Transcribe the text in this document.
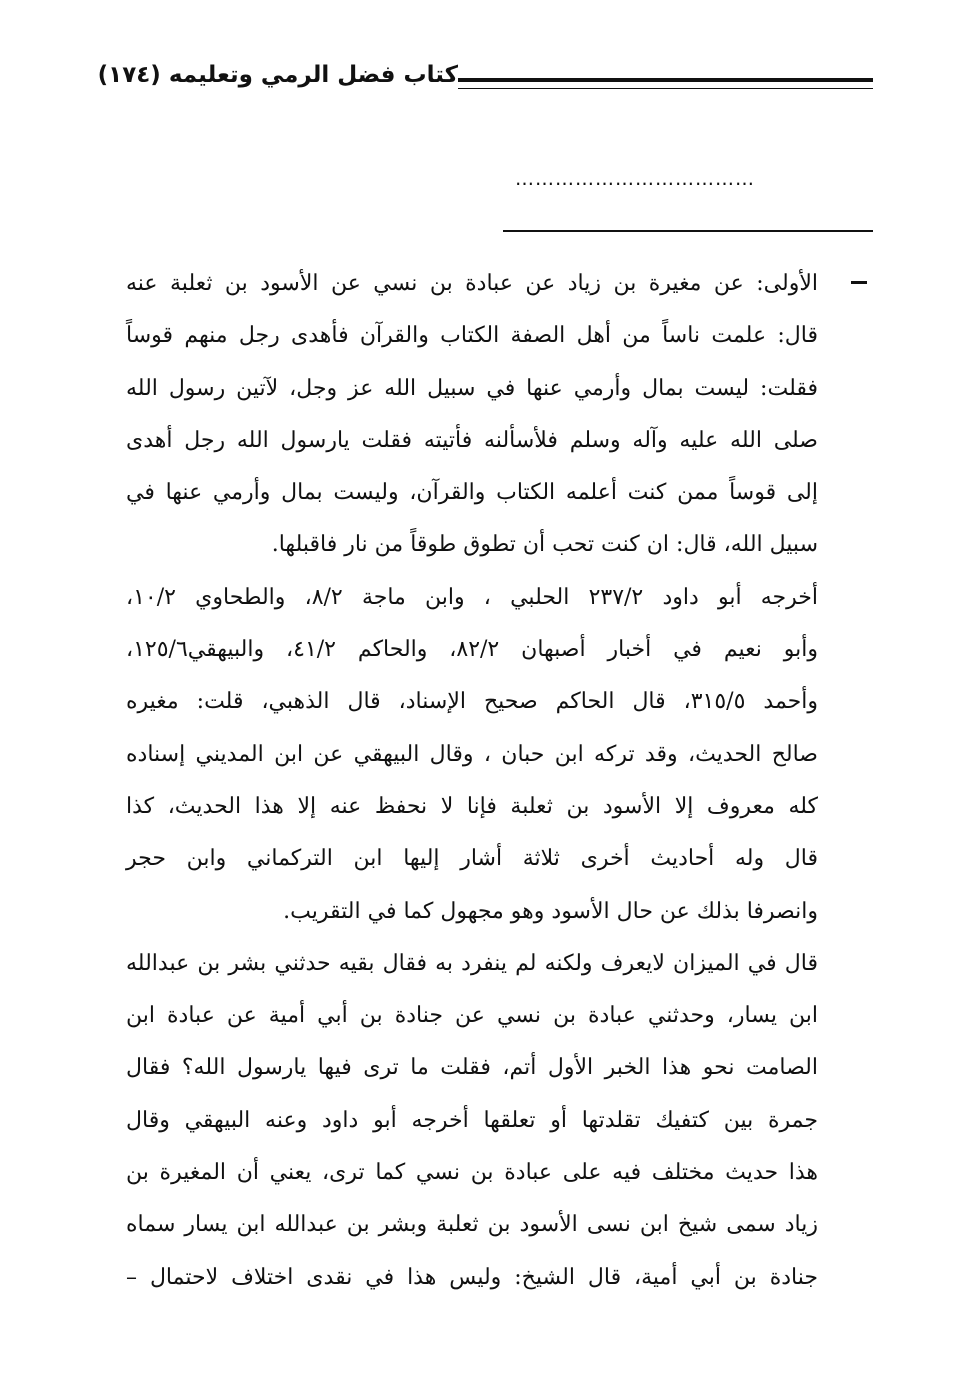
كتاب فضل الرمي وتعليمه (١٧٤)
………………………………
الأولى: عن مغيرة بن زياد عن عبادة بن نسي عن الأسود بن ثعلبة عنه
قال: علمت ناساً من أهل الصفة الكتاب والقرآن فأهدى رجل منهم قوساً
فقلت: ليست بمال وأرمي عنها في سبيل الله عز وجل، لآتين رسول الله
صلى الله عليه وآله وسلم فلأسألنه فأتيته فقلت يارسول الله رجل أهدى
إلى قوساً ممن كنت أعلمه الكتاب والقرآن، وليست بمال وأرمي عنها في
سبيل الله، قال: ان كنت تحب أن تطوق طوقاً من نار فاقبلها.
أخرجه أبو داود ٢٣٧/٢ الحلبي ، وابن ماجة ٨/٢، والطحاوي ١٠/٢،
وأبو نعيم في أخبار أصبهان ٨٢/٢، والحاكم ٤١/٢، والبيهقي١٢٥/٦،
وأحمد ٣١٥/٥، قال الحاكم صحيح الإسناد، قال الذهبي، قلت: مغيره
صالح الحديث، وقد تركه ابن حبان ، وقال البيهقي عن ابن المديني إسناده
كله معروف إلا الأسود بن ثعلبة فإنا لا نحفظ عنه إلا هذا الحديث، كذا
قال وله أحاديث أخرى ثلاثة أشار إليها ابن التركماني وابن حجر
وانصرفا بذلك عن حال الأسود وهو مجهول كما في التقريب.
قال في الميزان لايعرف ولكنه لم ينفرد به فقال بقيه حدثني بشر بن عبدالله
ابن يسار، وحدثني عبادة بن نسي عن جنادة بن أبي أمية عن عبادة ابن
الصامت نحو هذا الخبر الأول أتم، فقلت ما ترى فيها يارسول الله؟ فقال
جمرة بين كتفيك تقلدتها أو تعلقها أخرجه أبو داود وعنه البيهقي وقال
هذا حديث مختلف فيه على عبادة بن نسي كما ترى، يعني أن المغيرة بن
زياد سمى شيخ ابن نسى الأسود بن ثعلبة وبشر بن عبدالله ابن يسار سماه
جنادة بن أبي أمية، قال الشيخ: وليس هذا في نقدى اختلاف لاحتمال –
